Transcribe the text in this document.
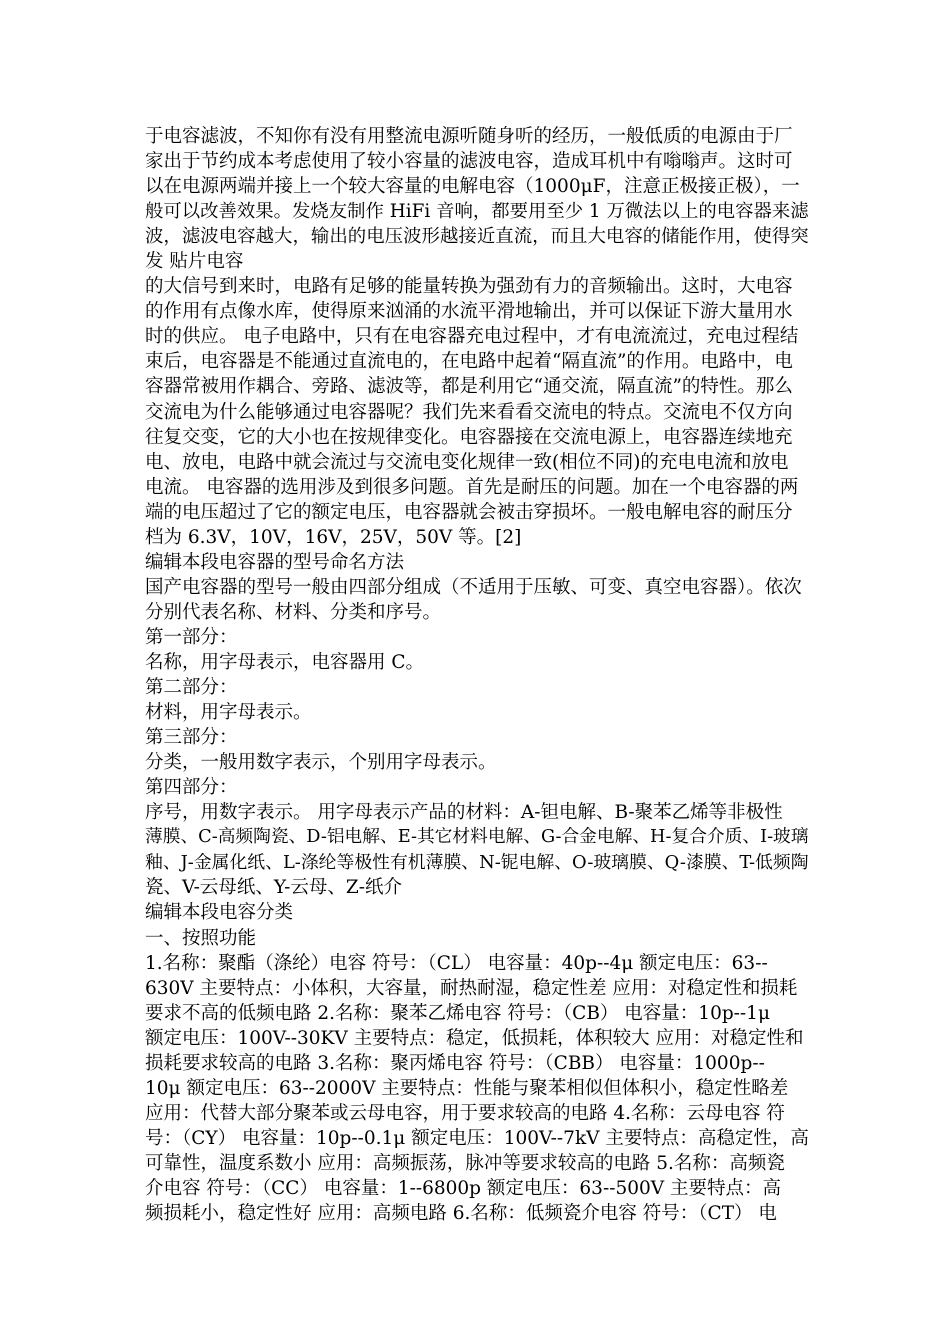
于电容滤波，不知你有没有用整流电源听随身听的经历，一般低质的电源由于厂
家出于节约成本考虑使用了较小容量的滤波电容，造成耳机中有嗡嗡声。这时可
以在电源两端并接上一个较大容量的电解电容（1000μF，注意正极接正极），一
般可以改善效果。发烧友制作 HiFi 音响，都要用至少 1 万微法以上的电容器来滤
波，滤波电容越大，输出的电压波形越接近直流，而且大电容的储能作用，使得突
发 贴片电容
的大信号到来时，电路有足够的能量转换为强劲有力的音频输出。这时，大电容
的作用有点像水库，使得原来汹涌的水流平滑地输出，并可以保证下游大量用水
时的供应。 电子电路中，只有在电容器充电过程中，才有电流流过，充电过程结
束后，电容器是不能通过直流电的，在电路中起着“隔直流”的作用。电路中，电
容器常被用作耦合、旁路、滤波等，都是利用它“通交流，隔直流”的特性。那么
交流电为什么能够通过电容器呢？我们先来看看交流电的特点。交流电不仅方向
往复交变，它的大小也在按规律变化。电容器接在交流电源上，电容器连续地充
电、放电，电路中就会流过与交流电变化规律一致(相位不同)的充电电流和放电
电流。 电容器的选用涉及到很多问题。首先是耐压的问题。加在一个电容器的两
端的电压超过了它的额定电压，电容器就会被击穿损坏。一般电解电容的耐压分
档为 6.3V，10V，16V，25V，50V 等。[2]
编辑本段电容器的型号命名方法
国产电容器的型号一般由四部分组成（不适用于压敏、可变、真空电容器）。依次
分别代表名称、材料、分类和序号。
第一部分：
名称，用字母表示，电容器用 C。
第二部分：
材料，用字母表示。
第三部分：
分类，一般用数字表示，个别用字母表示。
第四部分：
序号，用数字表示。 用字母表示产品的材料：A-钽电解、B-聚苯乙烯等非极性
薄膜、C-高频陶瓷、D-铝电解、E-其它材料电解、G-合金电解、H-复合介质、I-玻璃
釉、J-金属化纸、L-涤纶等极性有机薄膜、N-铌电解、O-玻璃膜、Q-漆膜、T-低频陶
瓷、V-云母纸、Y-云母、Z-纸介
编辑本段电容分类
一、按照功能
1.名称：聚酯（涤纶）电容 符号：（CL） 电容量：40p--4μ 额定电压：63--
630V 主要特点：小体积，大容量，耐热耐湿，稳定性差 应用：对稳定性和损耗
要求不高的低频电路 2.名称：聚苯乙烯电容 符号：（CB） 电容量：10p--1μ
额定电压：100V--30KV 主要特点：稳定，低损耗，体积较大 应用：对稳定性和
损耗要求较高的电路 3.名称：聚丙烯电容 符号：（CBB） 电容量：1000p--
10μ 额定电压：63--2000V 主要特点：性能与聚苯相似但体积小，稳定性略差
应用：代替大部分聚苯或云母电容，用于要求较高的电路 4.名称：云母电容 符
号：（CY） 电容量：10p--0.1μ 额定电压：100V--7kV 主要特点：高稳定性，高
可靠性，温度系数小 应用：高频振荡，脉冲等要求较高的电路 5.名称：高频瓷
介电容 符号：（CC） 电容量：1--6800p 额定电压：63--500V 主要特点：高
频损耗小，稳定性好 应用：高频电路 6.名称：低频瓷介电容 符号：（CT） 电
